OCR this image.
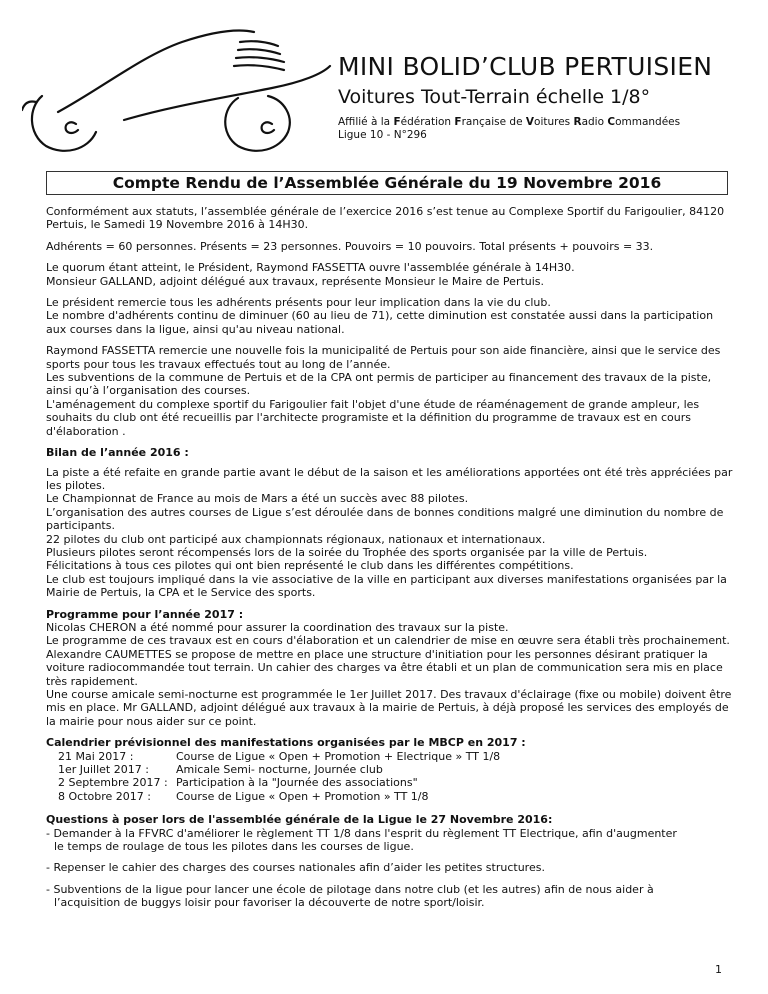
MINI BOLID’CLUB PERTUISIEN
Voitures Tout-Terrain échelle 1/8°
Affilié à la Fédération Française de Voitures Radio Commandées
Ligue 10 - N°296
Compte Rendu de l’Assemblée Générale du 19 Novembre 2016

Conformément aux statuts, l’assemblée générale de l’exercice 2016 s’est tenue au Complexe Sportif du Farigoulier, 84120 Pertuis, le Samedi 19 Novembre 2016 à 14H30.

Adhérents = 60 personnes. Présents = 23 personnes. Pouvoirs = 10 pouvoirs. Total présents + pouvoirs = 33.

Le quorum étant atteint, le Président, Raymond FASSETTA ouvre l'assemblée générale à 14H30.
Monsieur GALLAND, adjoint délégué aux travaux, représente Monsieur le Maire de Pertuis.

Le président remercie tous les adhérents présents pour leur implication dans la vie du club.
Le nombre d'adhérents continu de diminuer (60 au lieu de 71), cette diminution est constatée aussi dans la participation aux courses dans la ligue, ainsi qu'au niveau national.

Raymond FASSETTA remercie une nouvelle fois la municipalité de Pertuis pour son aide financière, ainsi que le service des sports pour tous les travaux effectués tout au long de l’année.
Les subventions de la commune de Pertuis et de la CPA ont permis de participer au financement des travaux de la piste, ainsi qu’à l’organisation des courses.
L'aménagement du complexe sportif du Farigoulier fait l'objet d'une étude de réaménagement de grande ampleur, les souhaits du club ont été recueillis par l'architecte programiste et la définition du programme de travaux est en cours d'élaboration .

Bilan de l’année 2016 :

La piste a été refaite en grande partie avant le début de la saison et les améliorations apportées ont été très appréciées par les pilotes.
Le Championnat de France au mois de Mars a été un succès avec 88 pilotes.
L’organisation des autres courses de Ligue s’est déroulée dans de bonnes conditions malgré une diminution du nombre de participants.
22 pilotes du club ont participé aux championnats régionaux, nationaux et internationaux.
Plusieurs pilotes seront récompensés lors de la soirée du Trophée des sports organisée par la ville de Pertuis.
Félicitations à tous ces pilotes qui ont bien représenté le club dans les différentes compétitions.
Le club est toujours impliqué dans la vie associative de la ville en participant aux diverses manifestations organisées par la Mairie de Pertuis, la CPA et le Service des sports.

Programme pour l’année 2017 :

Nicolas CHERON a été nommé pour assurer la coordination des travaux sur la piste.
Le programme de ces travaux est en cours d'élaboration et un calendrier de mise en œuvre sera établi très prochainement.
Alexandre CAUMETTES se propose de mettre en place une structure d'initiation pour les personnes désirant pratiquer la voiture radiocommandée tout terrain. Un cahier des charges va être établi et un plan de communication sera mis en place très rapidement.
Une course amicale semi-nocturne est programmée le 1er Juillet 2017. Des travaux d'éclairage (fixe ou mobile) doivent être mis en place. Mr GALLAND, adjoint délégué aux travaux à la mairie de Pertuis, à déjà proposé les services des employés de la mairie pour nous aider sur ce point.

Calendrier prévisionnel des manifestations organisées par le MBCP en 2017 :
21 Mai 2017 :	Course de Ligue « Open + Promotion + Electrique » TT 1/8
1er Juillet 2017 :	Amicale Semi- nocturne, Journée club
2 Septembre 2017 : Participation à la "Journée des associations"
8 Octobre 2017 :	Course de Ligue « Open + Promotion » TT 1/8
Questions à poser lors de l'assemblée générale de la Ligue le 27 Novembre 2016:
- Demander à la FFVRC d'améliorer le règlement TT 1/8 dans l'esprit du règlement TT Electrique, afin d'augmenter
le temps de roulage de tous les pilotes dans les courses de ligue.
- Repenser le cahier des charges des courses nationales afin d’aider les petites structures.
- Subventions de la ligue pour lancer une école de pilotage dans notre club (et les autres) afin de nous aider à
l’acquisition de buggys loisir pour favoriser la découverte de notre sport/loisir.
1
